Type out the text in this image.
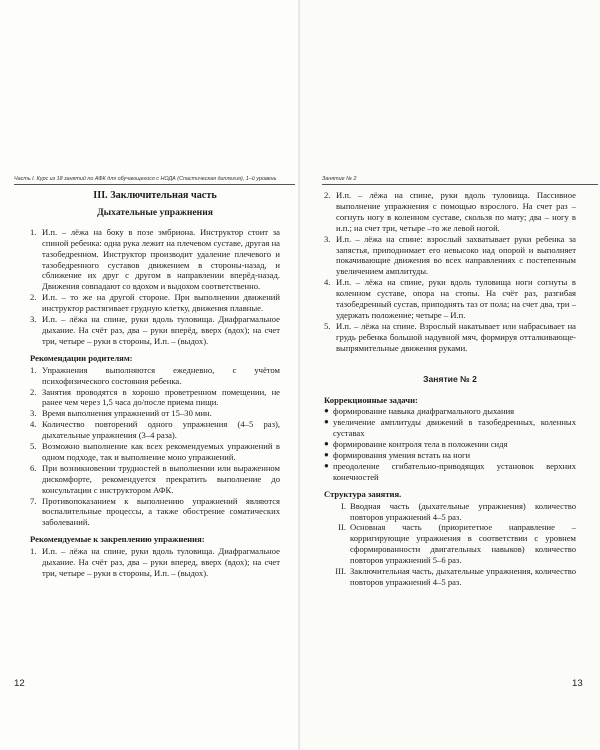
Часть I. Курс из 18 занятий по АФК для обучающегося с НОДА (Спастическая диплегия), 1–й уровень
III. Заключительная часть
Дыхательные упражнения
1. И.п. – лёжа на боку в позе эмбриона. Инструктор стоит за спиной ребенка: одна рука лежит на плечевом суставе, другая на тазобедренном. Инструктор производит удаление плечевого и тазобедренного суставов движением в стороны-назад, и сближение их друг с другом в направлении вперёд-назад. Движения совпадают со вдохом и выдохом соответственно.
2. И.п. – то же на другой стороне. При выполнении движений инструктор растягивает грудную клетку, движения плавные.
3. И.п. – лёжа на спине, руки вдоль туловища. Диафрагмальное дыхание. На счёт раз, два – руки вперёд, вверх (вдох); на счет три, четыре – руки в стороны, И.п. – (выдох).
Рекомендации родителям:
1. Упражнения выполняются ежедневно, с учётом психофизического состояния ребенка.
2. Занятия проводятся в хорошо проветренном помещении, не ранее чем через 1,5 часа до/после приема пищи.
3. Время выполнения упражнений от 15–30 мин.
4. Количество повторений одного упражнения (4–5 раз), дыхательные упражнения (3–4 раза).
5. Возможно выполнение как всех рекомендуемых упражнений в одном подходе, так и выполнение моно упражнений.
6. При возникновении трудностей в выполнении или выраженном дискомфорте, рекомендуется прекратить выполнение до консультации с инструктором АФК.
7. Противопоказанием к выполнению упражнений являются воспалительные процессы, а также обострение соматических заболеваний.
Рекомендуемые к закреплению упражнения:
1. И.п. – лёжа на спине, руки вдоль туловища. Диафрагмальное дыхание. На счёт раз, два – руки вперед, вверх (вдох); на счет три, четыре – руки в стороны, И.п. – (выдох).
12
Занятие № 2
2. И.п. – лёжа на спине, руки вдоль туловища. Пассивное выполнение упражнения с помощью взрослого. На счет раз –согнуть ногу в коленном суставе, скользя по мату; два – ногу в и.п.; на счет три, четыре –то же левой ногой.
3. И.п. – лёжа на спине: взрослый захватывает руки ребенка за запястья, приподнимает его невысоко над опорой и выполняет покачивающие движения во всех направлениях с постепенным увеличением амплитуды.
4. И.п. – лёжа на спине, руки вдоль туловища ноги согнуты в коленном суставе, опора на стопы. На счёт раз, разгибая тазобедренный сустав, приподнять таз от пола; на счет два, три – удержать положение; четыре – И.п.
5. И.п. – лёжа на спине. Взрослый накатывает или набрасывает на грудь ребенка большой надувной мяч, формируя отталкивающе-выпрямительные движения руками.
Занятие № 2
Коррекционные задачи:
● формирование навыка диафрагмального дыхания
● увеличение амплитуды движений в тазобедренных, коленных суставах
● формирование контроля тела в положении сидя
● формирования умения встать на ноги
● преодоление сгибательно-приводящих установок верхних конечностей
Структура занятия.
I. Вводная часть (дыхательные упражнения) количество повторов упражнений 4–5 раз.
II. Основная часть (приоритетное направление – корригирующие упражнения в соответствии с уровнем сформированности двигательных навыков) количество повторов упражнений 5–6 раз.
III. Заключительная часть, дыхательные упражнения, количество повторов упражнений 4–5 раз.
13
